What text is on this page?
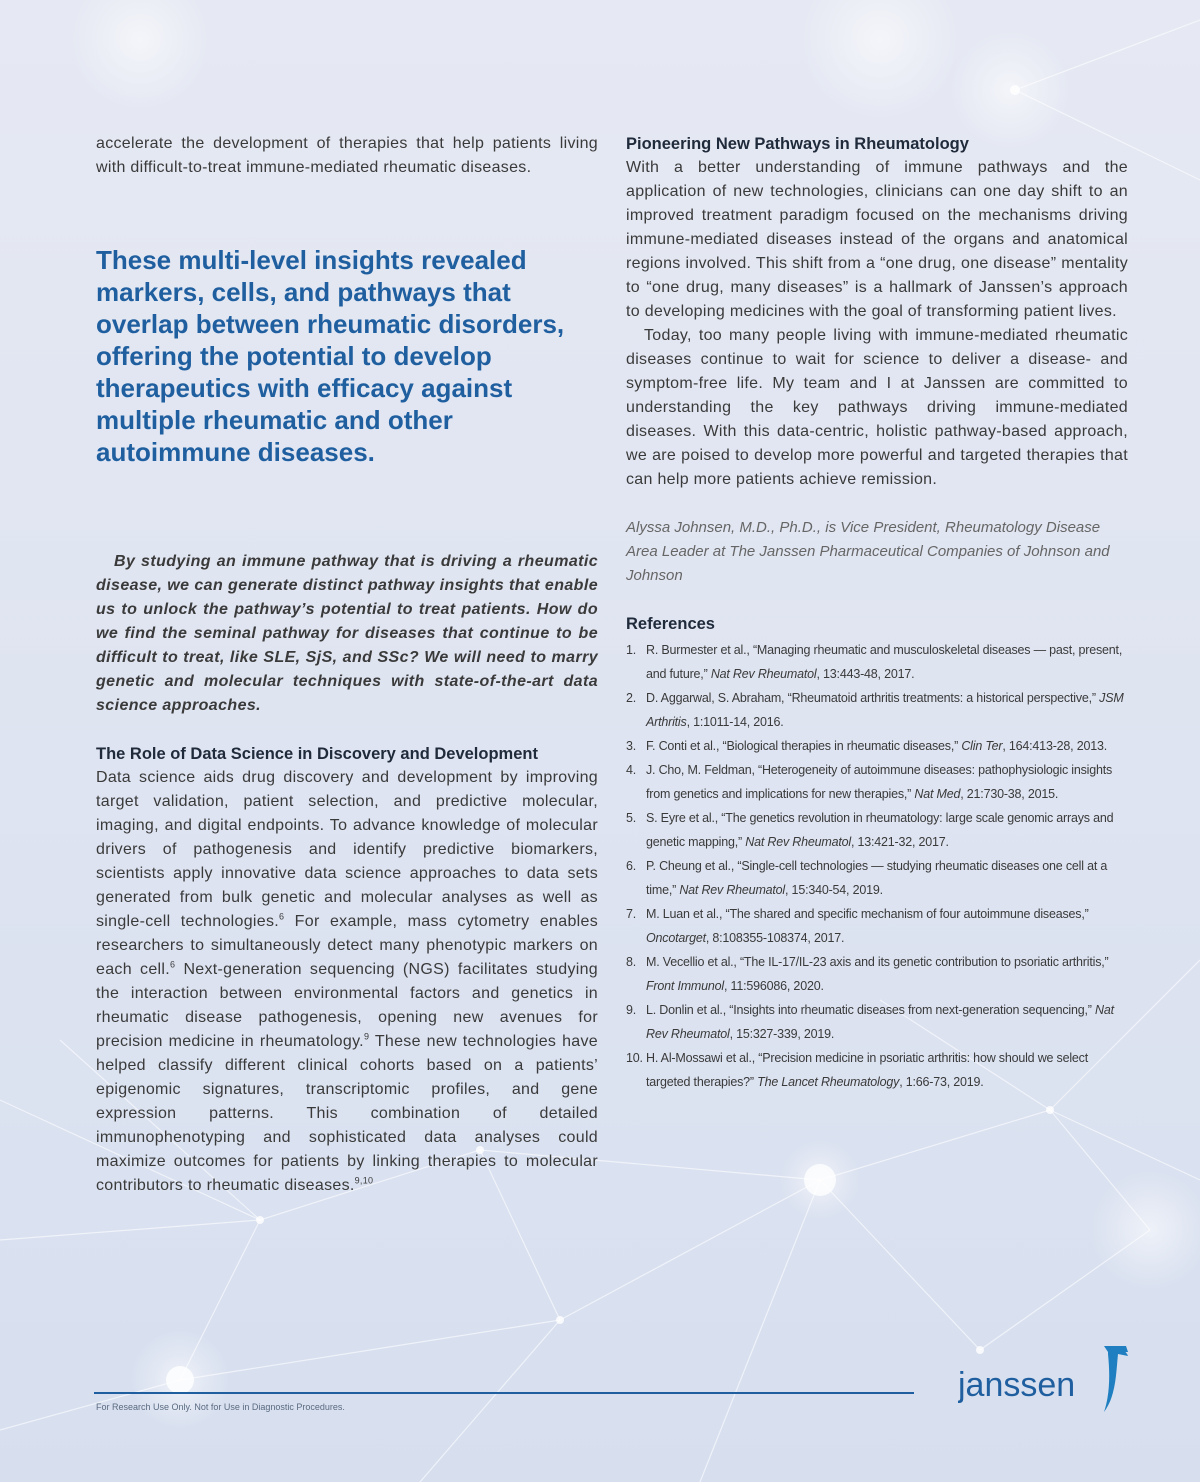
accelerate the development of therapies that help patients living with difficult-to-treat immune-mediated rheumatic diseases.

These multi-level insights revealed markers, cells, and pathways that overlap between rheumatic disorders, offering the potential to develop therapeutics with efficacy against multiple rheumatic and other autoimmune diseases.

By studying an immune pathway that is driving a rheumatic disease, we can generate distinct pathway insights that enable us to unlock the pathway’s potential to treat patients. How do we find the seminal pathway for diseases that continue to be difficult to treat, like SLE, SjS, and SSc? We will need to marry genetic and molecular techniques with state-of-the-art data science approaches.

The Role of Data Science in Discovery and Development

Data science aids drug discovery and development by improving target validation, patient selection, and predictive molecular, imaging, and digital endpoints. To advance knowledge of molecular drivers of pathogenesis and identify predictive biomarkers, scientists apply innovative data science approaches to data sets generated from bulk genetic and molecular analyses as well as single-cell technologies.$^6$ For example, mass cytometry enables researchers to simultaneously detect many phenotypic markers on each cell.$^6$ Next-generation sequencing (NGS) facilitates studying the interaction between environmental factors and genetics in rheumatic disease pathogenesis, opening new avenues for precision medicine in rheumatology.$^9$ These new technologies have helped classify different clinical cohorts based on a patients’ epigenomic signatures, transcriptomic profiles, and gene expression patterns. This combination of detailed immunophenotyping and sophisticated data analyses could maximize outcomes for patients by linking therapies to molecular contributors to rheumatic diseases.$^{9,10}$

Pioneering New Pathways in Rheumatology

With a better understanding of immune pathways and the application of new technologies, clinicians can one day shift to an improved treatment paradigm focused on the mechanisms driving immune-mediated diseases instead of the organs and anatomical regions involved. This shift from a “one drug, one disease” mentality to “one drug, many diseases” is a hallmark of Janssen’s approach to developing medicines with the goal of transforming patient lives.

Today, too many people living with immune-mediated rheumatic diseases continue to wait for science to deliver a disease- and symptom-free life. My team and I at Janssen are committed to understanding the key pathways driving immune-mediated diseases. With this data-centric, holistic pathway-based approach, we are poised to develop more powerful and targeted therapies that can help more patients achieve remission.

Alyssa Johnsen, M.D., Ph.D., is Vice President, Rheumatology Disease Area Leader at The Janssen Pharmaceutical Companies of Johnson and Johnson

References
1. R. Burmester et al., “Managing rheumatic and musculoskeletal diseases — past, present, and future,” Nat Rev Rheumatol, 13:443-48, 2017.
2. D. Aggarwal, S. Abraham, “Rheumatoid arthritis treatments: a historical perspective,” JSM Arthritis, 1:1011-14, 2016.
3. F. Conti et al., “Biological therapies in rheumatic diseases,” Clin Ter, 164:413-28, 2013.
4. J. Cho, M. Feldman, “Heterogeneity of autoimmune diseases: pathophysiologic insights from genetics and implications for new therapies,” Nat Med, 21:730-38, 2015.
5. S. Eyre et al., “The genetics revolution in rheumatology: large scale genomic arrays and genetic mapping,” Nat Rev Rheumatol, 13:421-32, 2017.
6. P. Cheung et al., “Single-cell technologies — studying rheumatic diseases one cell at a time,” Nat Rev Rheumatol, 15:340-54, 2019.
7. M. Luan et al., “The shared and specific mechanism of four autoimmune diseases,” Oncotarget, 8:108355-108374, 2017.
8. M. Vecellio et al., “The IL-17/IL-23 axis and its genetic contribution to psoriatic arthritis,” Front Immunol, 11:596086, 2020.
9. L. Donlin et al., “Insights into rheumatic diseases from next-generation sequencing,” Nat Rev Rheumatol, 15:327-339, 2019.
10. H. Al-Mossawi et al., “Precision medicine in psoriatic arthritis: how should we select targeted therapies?” The Lancet Rheumatology, 1:66-73, 2019.
For Research Use Only. Not for Use in Diagnostic Procedures.
janssen
